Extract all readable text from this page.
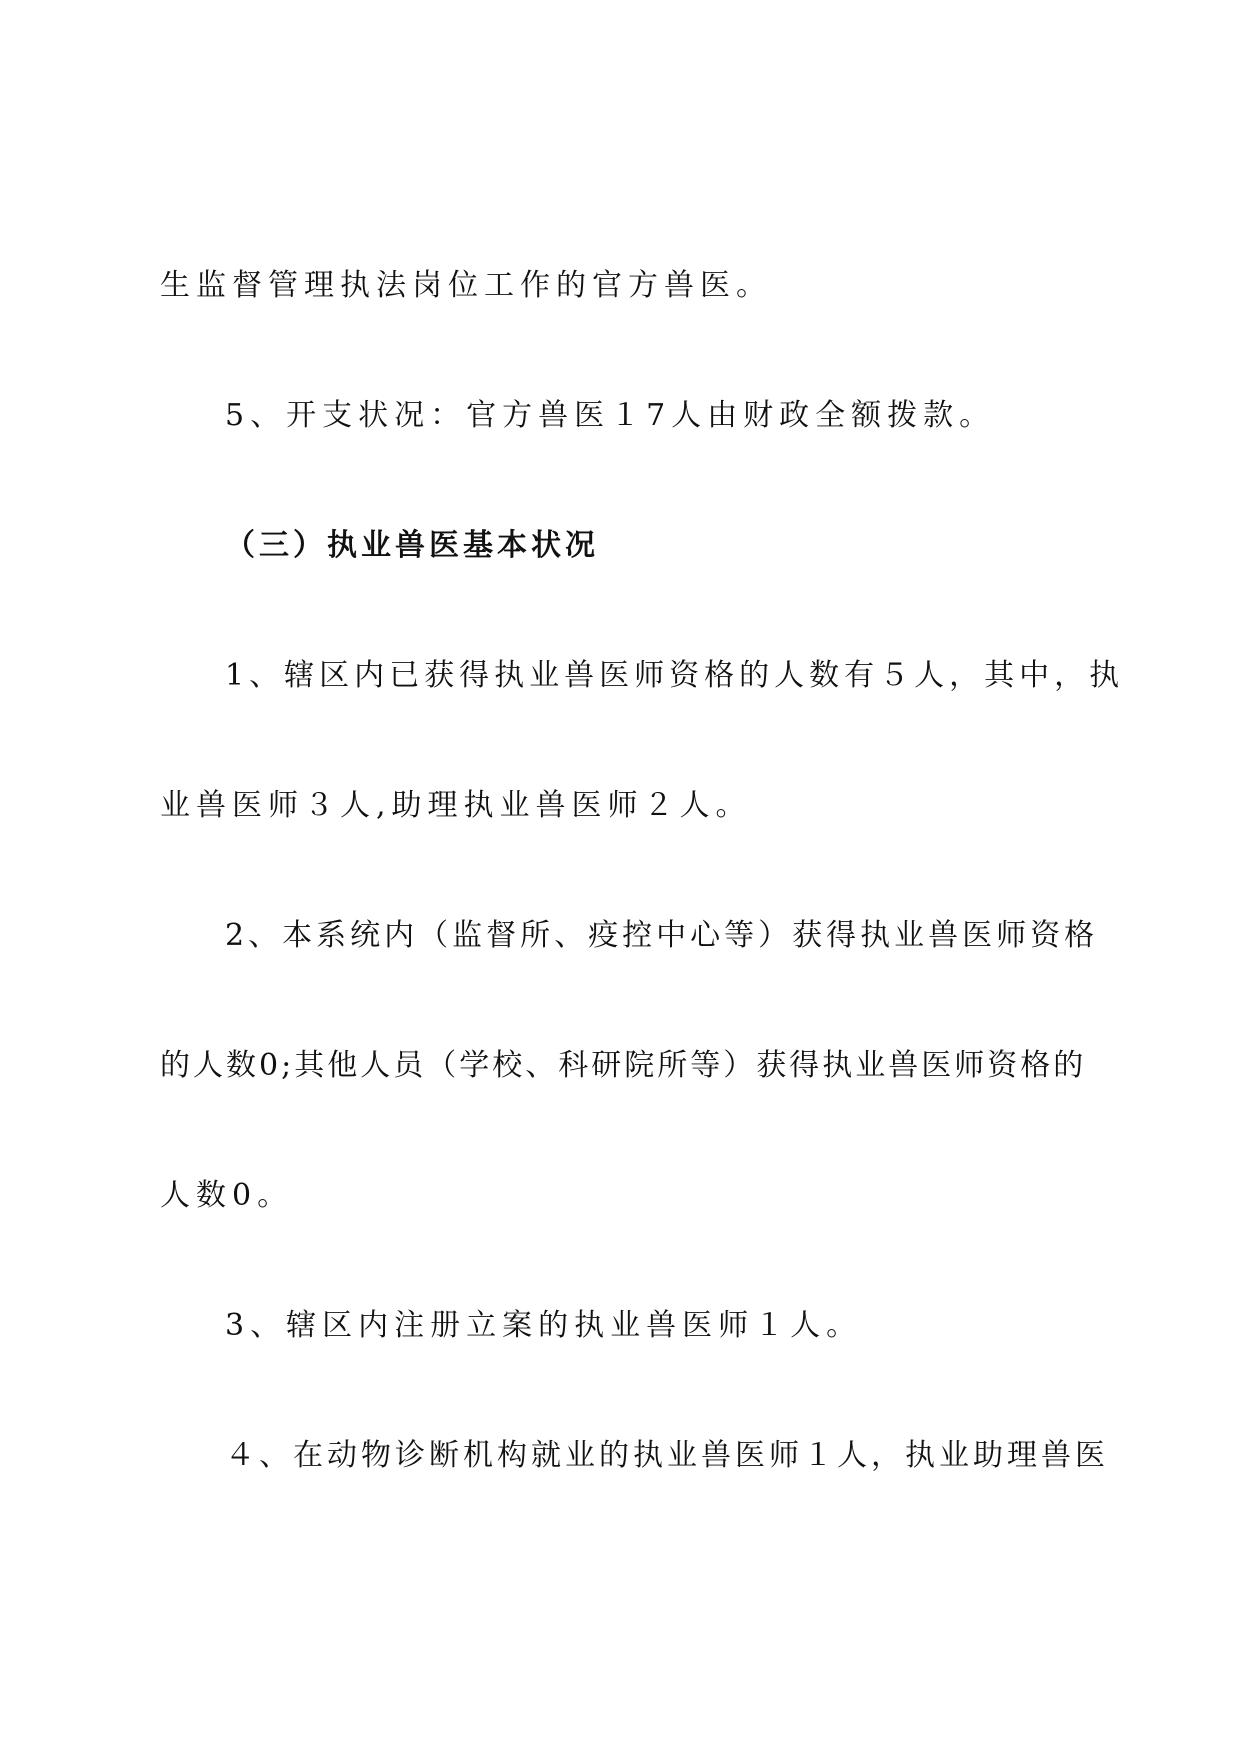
生监督管理执法岗位工作的官方兽医。

5、开支状况：官方兽医１7人由财政全额拨款。

（三）执业兽医基本状况

1、辖区内已获得执业兽医师资格的人数有５人，其中，执

业兽医师３人,助理执业兽医师２人。

2、本系统内（监督所、疫控中心等）获得执业兽医师资格

的人数0;其他人员（学校、科研院所等）获得执业兽医师资格的

人数0。

3、辖区内注册立案的执业兽医师１人。

４、在动物诊断机构就业的执业兽医师１人，执业助理兽医
